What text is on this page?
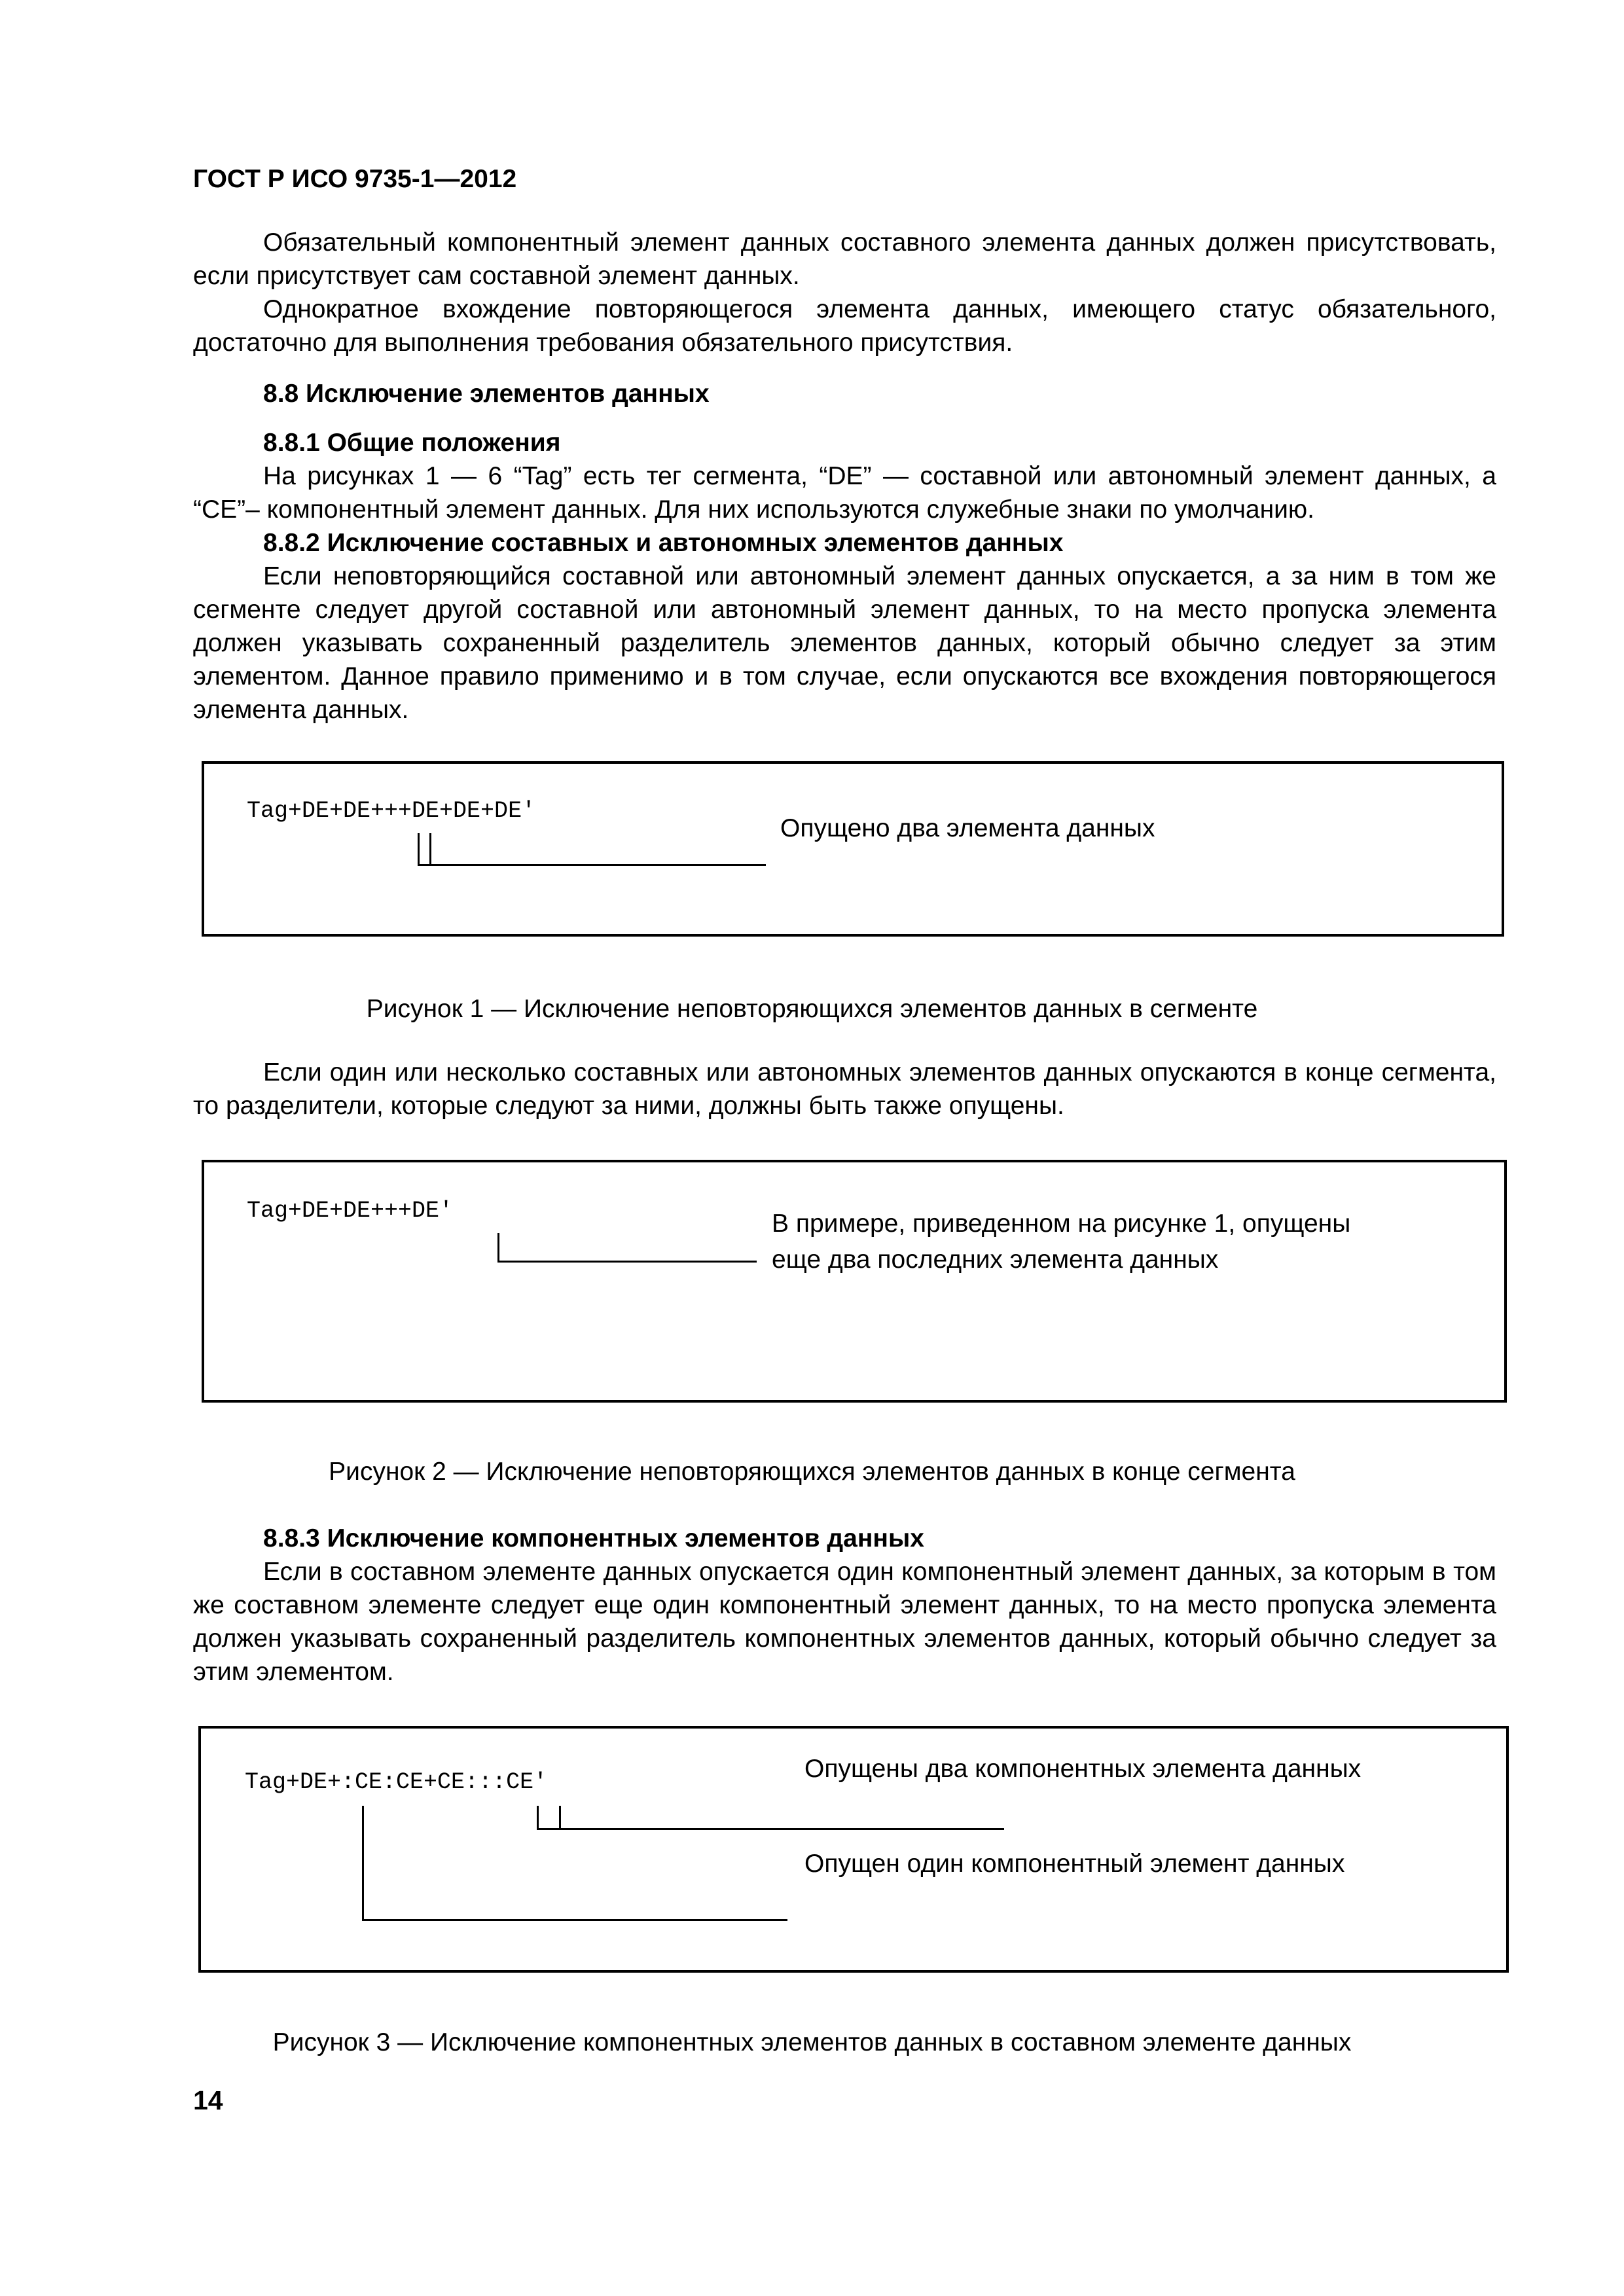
ГОСТ Р ИСО 9735-1—2012

Обязательный компонентный элемент данных составного элемента данных должен присутствовать, если присутствует сам составной элемент данных.

Однократное вхождение повторяющегося элемента данных, имеющего статус обязательного, достаточно для выполнения требования обязательного присутствия.

8.8 Исключение элементов данных

8.8.1 Общие положения

На рисунках 1 — 6 “Tag” есть тег сегмента, “DE” — составной или автономный элемент данных, а “CE”– компонентный элемент данных. Для них используются служебные знаки по умолчанию.

8.8.2 Исключение составных и автономных элементов данных

Если неповторяющийся составной или автономный элемент данных опускается, а за ним в том же сегменте следует другой составной или автономный элемент данных, то на место пропуска элемента должен указывать сохраненный разделитель элементов данных, который обычно следует за этим элементом. Данное правило применимо и в том случае, если опускаются все вхождения повторяющегося элемента данных.

Tag+DE+DE+++DE+DE+DE'
Опущено два элемента данных
Рисунок 1 — Исключение неповторяющихся элементов данных в сегменте

Если один или несколько составных или автономных элементов данных опускаются в конце сегмента, то разделители, которые следуют за ними, должны быть также опущены.

Tag+DE+DE+++DE'	В примере, приведенном на рисунке 1, опущены
еще два последних элемента данных
Рисунок 2 — Исключение неповторяющихся элементов данных в конце сегмента

8.8.3 Исключение компонентных элементов данных

Если в составном элементе данных опускается один компонентный элемент данных, за которым в том же составном элементе следует еще один компонентный элемент данных, то на место пропуска элемента должен указывать сохраненный разделитель компонентных элементов данных, который обычно следует за этим элементом.

Tag+DE+:CE:CE+CE:::CE'	Опущены два компонентных элемента данных
Опущен один компонентный элемент данных
Рисунок 3 — Исключение компонентных элементов данных в составном элементе данных
14
